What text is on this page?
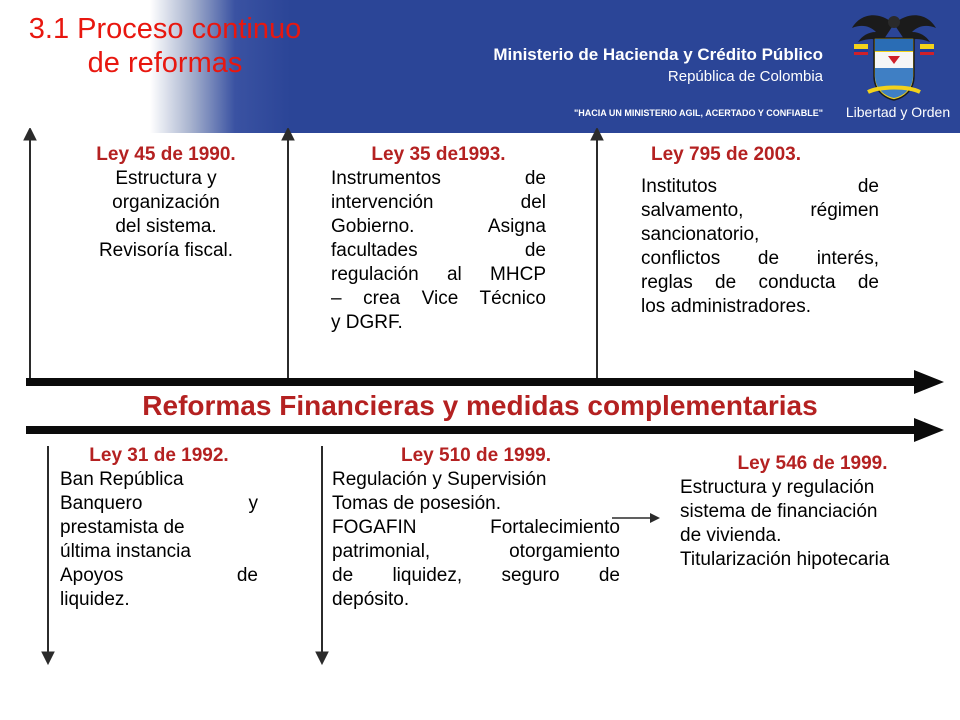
3.1 Proceso continuo
de reformas	Ministerio de Hacienda y Crédito Público
República de Colombia
"HACIA UN MINISTERIO AGIL, ACERTADO Y CONFIABLE"	Libertad y Orden
Reformas Financieras y medidas complementarias
Ley 45 de 1990.
Estructura y
organización
del sistema.
Revisoría fiscal.
Ley 35 de1993.
Instrumentos de
intervención del
Gobierno. Asigna
facultades de
regulación al MHCP
– crea Vice Técnico
y DGRF.
Ley 795 de 2003.
Institutos de
salvamento, régimen
sancionatorio,
conflictos de interés,
reglas de conducta de
los administradores.
Ley 31 de 1992.
Ban República
Banquero y
prestamista de
última instancia
Apoyos de
liquidez.
Ley 510 de 1999.
Regulación y Supervisión
Tomas de posesión.
FOGAFIN Fortalecimiento
patrimonial, otorgamiento
de liquidez, seguro de
depósito.
Ley 546 de 1999.
Estructura y regulación
sistema de financiación
de vivienda.
Titularización hipotecaria
